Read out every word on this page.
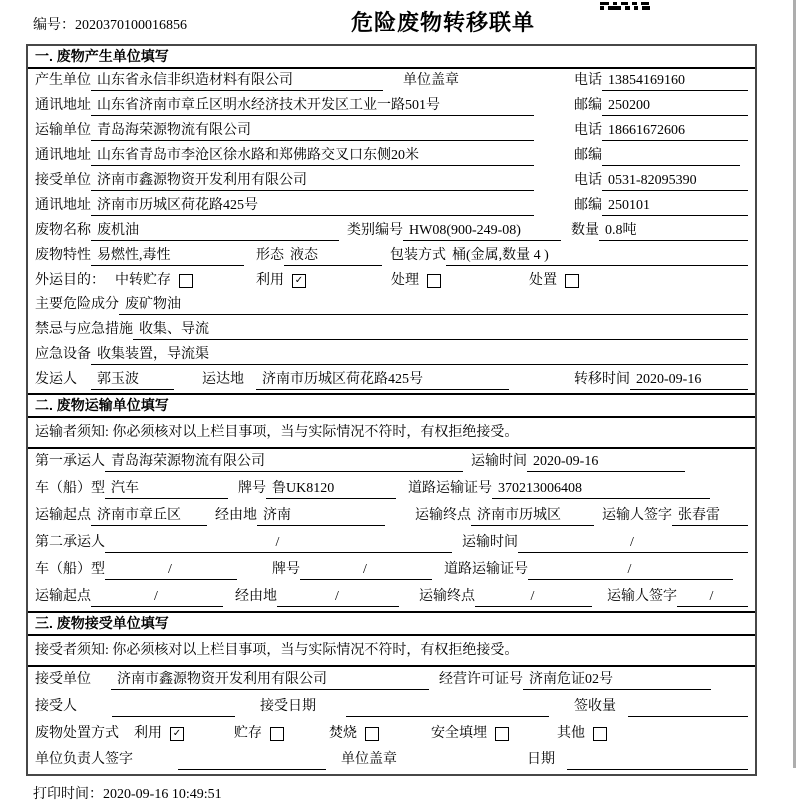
编号：2020370100016856	危险废物转移联单
一. 废物产生单位填写
产生单位 山东省永信非织造材料有限公司	单位盖章	电话 13854169160
通讯地址 山东省济南市章丘区明水经济技术开发区工业一路501号	邮编 250200
运输单位 青岛海荣源物流有限公司	电话 18661672606
通讯地址 山东省青岛市李沧区徐水路和郑佛路交叉口东侧20米	邮编
接受单位 济南市鑫源物资开发利用有限公司	电话 0531-82095390
通讯地址 济南市历城区荷花路425号	邮编 250101
废物名称 废机油	类别编号 HW08(900-249-08)	数量 0.8吨
废物特性 易燃性,毒性	形态 液态	包装方式 桶(金属,数量 4 )
外运目的： 中转贮存	利用 ✓	处理	处置
主要危险成分 废矿物油
禁忌与应急措施 收集、导流
应急设备 收集装置，导流渠
发运人	郭玉波	运达地	济南市历城区荷花路425号	转移时间 2020-09-16
二. 废物运输单位填写
运输者须知: 你必须核对以上栏目事项，当与实际情况不符时，有权拒绝接受。
第一承运人 青岛海荣源物流有限公司	运输时间 2020-09-16
车（船）型 汽车	牌号 鲁UK8120	道路运输证号 370213006408
运输起点 济南市章丘区	经由地 济南	运输终点 济南市历城区	运输人签字 张春雷
第二承运人	/	运输时间	/
车（船）型	/	牌号	/	道路运输证号	/
运输起点	/	经由地	/	运输终点	/	运输人签字	/
三. 废物接受单位填写
接受者须知: 你必须核对以上栏目事项，当与实际情况不符时，有权拒绝接受。
接受单位	济南市鑫源物资开发利用有限公司	经营许可证号 济南危证02号
接受人	接受日期	签收量
废物处置方式 利用 ✓	贮存	焚烧	安全填埋	其他
单位负责人签字	单位盖章	日期
打印时间：2020-09-16 10:49:51
